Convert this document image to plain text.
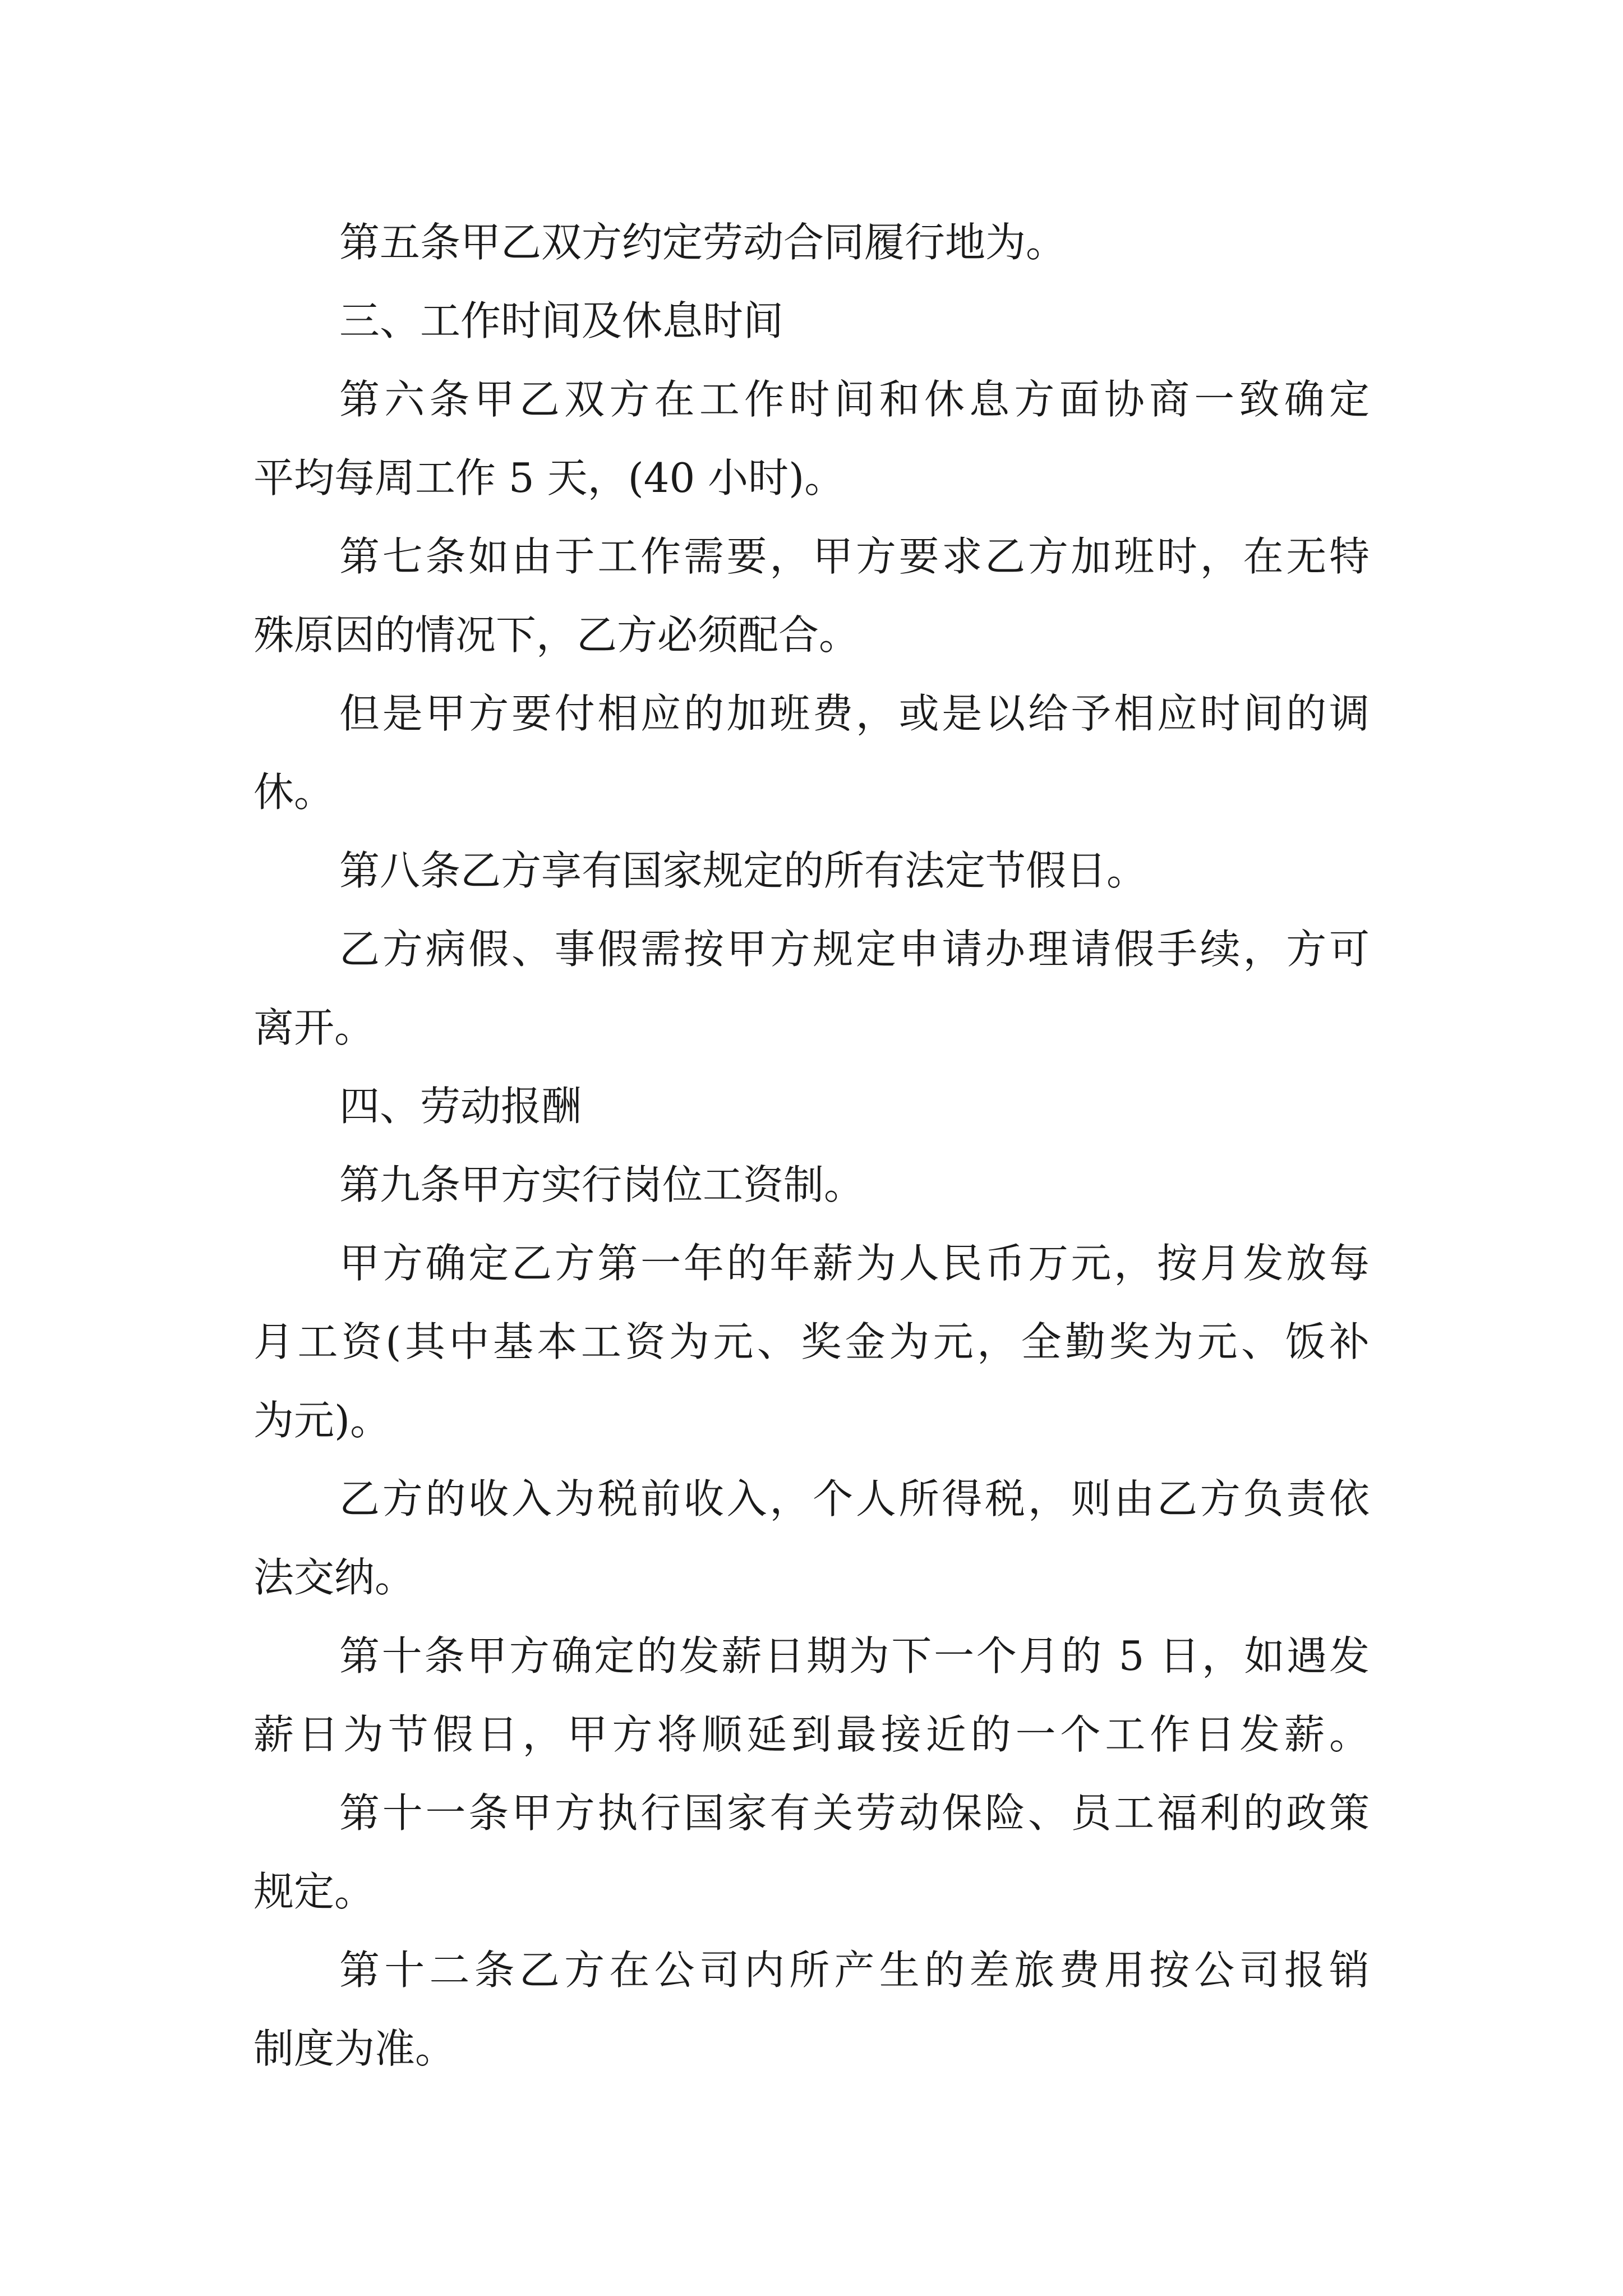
第五条甲乙双方约定劳动合同履行地为。
三、工作时间及休息时间
第六条甲乙双方在工作时间和休息方面协商一致确定
平均每周工作 5 天，(40 小时)。
第七条如由于工作需要，甲方要求乙方加班时，在无特
殊原因的情况下，乙方必须配合。
但是甲方要付相应的加班费，或是以给予相应时间的调
休。
第八条乙方享有国家规定的所有法定节假日。
乙方病假、事假需按甲方规定申请办理请假手续，方可
离开。
四、劳动报酬
第九条甲方实行岗位工资制。
甲方确定乙方第一年的年薪为人民币万元，按月发放每
月工资(其中基本工资为元、奖金为元，全勤奖为元、饭补
为元)。
乙方的收入为税前收入，个人所得税，则由乙方负责依
法交纳。
第十条甲方确定的发薪日期为下一个月的 5 日，如遇发
薪日为节假日，甲方将顺延到最接近的一个工作日发薪。
第十一条甲方执行国家有关劳动保险、员工福利的政策
规定。
第十二条乙方在公司内所产生的差旅费用按公司报销
制度为准。
